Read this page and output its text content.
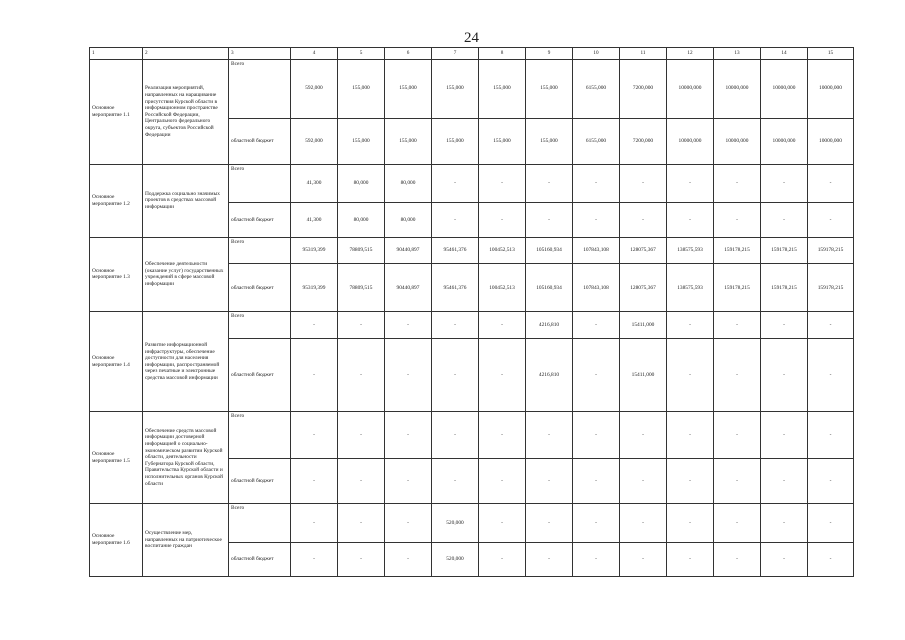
24
1	2	3	4	5	6	7	8	9	10	11	12	13	14	15
Основное мероприятие 1.1	Реализация мероприятий, направленных на наращивание присутствия Курской области в информационном пространстве Российской Федерации, Центрального федерального округа, субъектов Российской Федерации	Всего	592,000	155,000	155,000	155,000	155,000	155,000	6155,000	7200,000	10000,000	10000,000	10000,000	10000,000
		областной бюджет	592,000	155,000	155,000	155,000	155,000	155,000	6155,000	7200,000	10000,000	10000,000	10000,000	10000,000
Основное мероприятие 1.2	Поддержка социально значимых проектов в средствах массовой информации	Всего	41,300	80,000	80,000	-	-	-	-	-	-	-	-	-
		областной бюджет	41,300	80,000	80,000	-	-	-	-	-	-	-	-	-
Основное мероприятие 1.3	Обеспечение деятельности (оказание услуг) государственных учреждений в сфере массовой информации	Всего	95319,399	78809,515	90440,897	95461,376	100452,513	105160,934	107843,108	128075,367	138575,593	159178,215	159178,215	159178,215
		областной бюджет	95319,399	78809,515	90440,897	95461,376	100452,513	105160,934	107843,108	128075,367	138575,593	159178,215	159178,215	159178,215
Основное мероприятие 1.4	Развитие информационной инфраструктуры, обеспечение доступности для населения информации, распространяемой через печатные и электронные средства массовой информации	Всего	-	-	-	-	-	4216,810	-	15411,000	-	-	-	-
		областной бюджет	-	-	-	-	-	4216,810	-	15411,000	-	-	-	-
Основное мероприятие 1.5	Обеспечение средств массовой информации достоверной информацией о социально-экономическом развитии Курской области, деятельности Губернатора Курской области, Правительства Курской области и исполнительных органов Курской области	Всего	-	-	-	-	-	-	-	-	-	-	-	-
		областной бюджет	-	-	-	-	-	-	-	-	-	-	-	-
Основное мероприятие 1.6	Осуществление мер, направленных на патриотическое воспитание граждан	Всего	-	-	-	520,000	-	-	-	-	-	-	-	-
		областной бюджет	-	-	-	520,000	-	-	-	-	-	-	-	-
